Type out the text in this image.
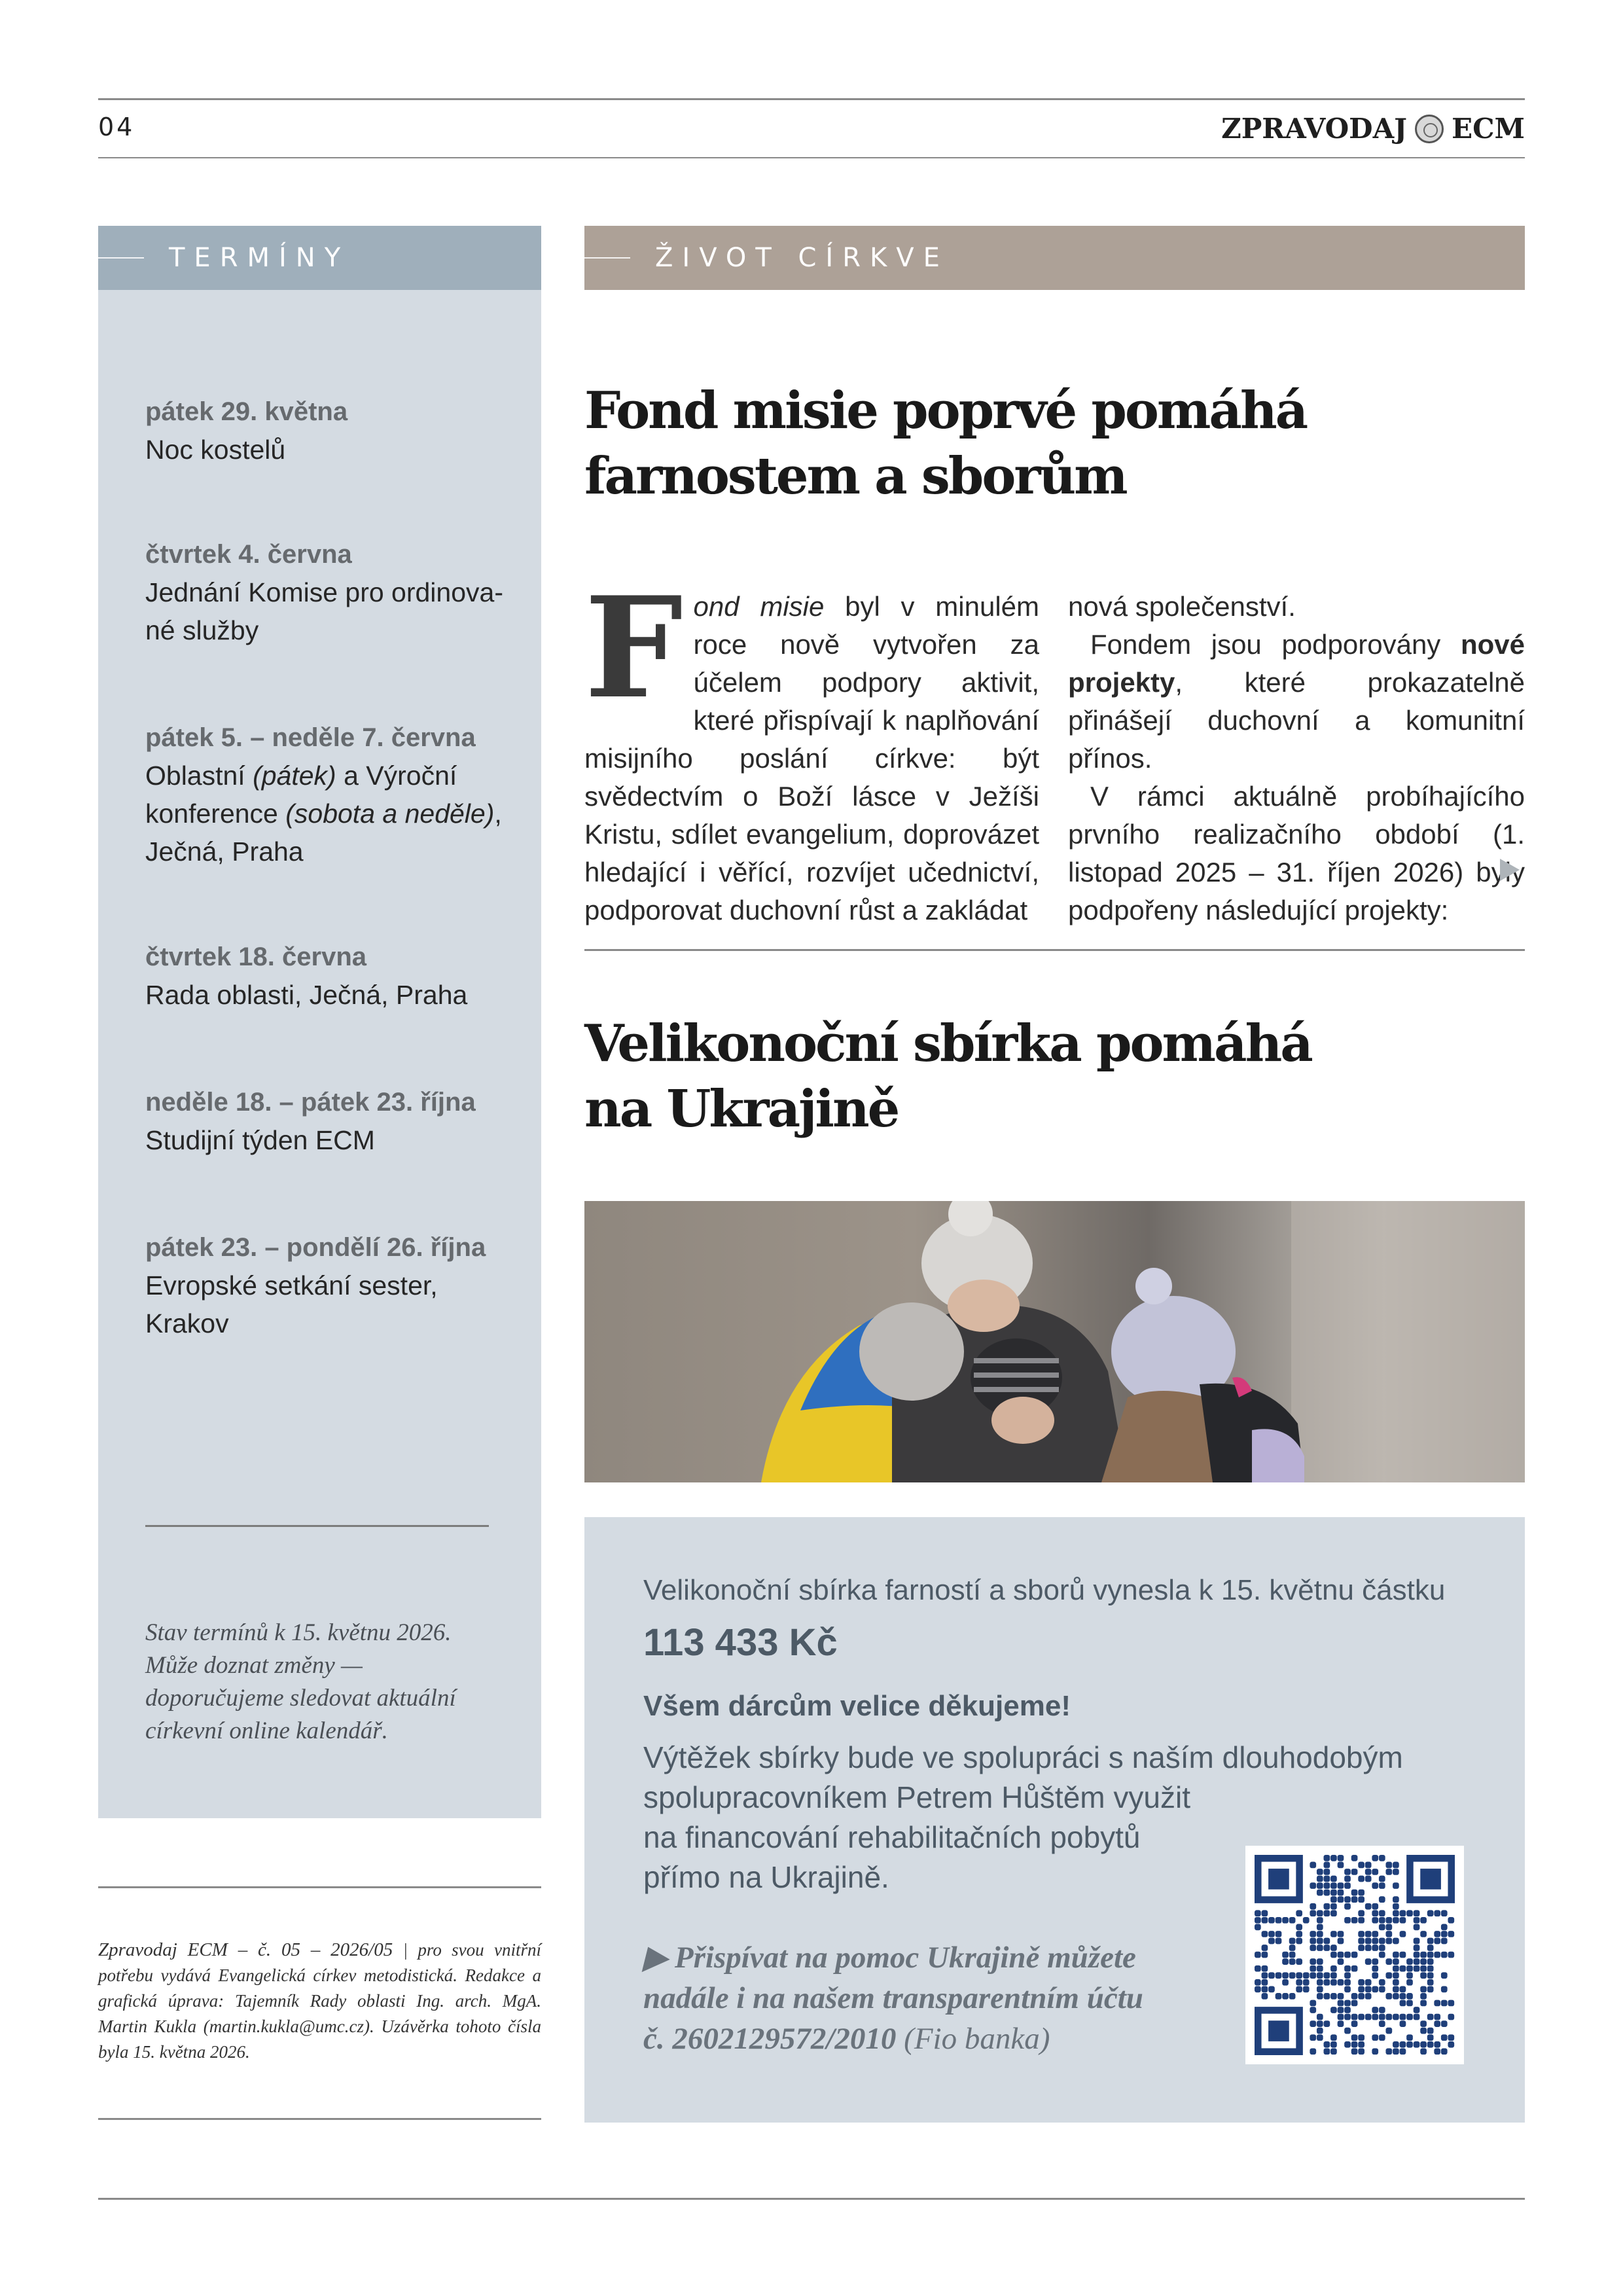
04	ZPRAVODAJ ECM
TERMÍNY	ŽIVOT CÍRKVE
pátek 29. května
Noc kostelů
čtvrtek 4. června
Jednání Komise pro ordinova-
né služby
pátek 5. – neděle 7. června
Oblastní (pátek) a Výroční
konference (sobota a neděle),
Ječná, Praha
čtvrtek 18. června
Rada oblasti, Ječná, Praha
neděle 18. – pátek 23. října
Studijní týden ECM
pátek 23. – pondělí 26. října
Evropské setkání sester,
Krakov
Stav termínů k 15. květnu 2026. Může doznat změny — doporučujeme sledovat aktuální církevní online kalendář.
Zpravodaj ECM – č. 05 – 2026/05 | pro svou vnitřní potřebu vydává Evangelická církev metodistická. Redakce a grafická úprava: Tajemník Rady oblasti Ing. arch. MgA. Martin Kukla (martin.kukla@umc.cz). Uzávěrka tohoto čísla byla 15. května 2026.
Fond misie poprvé pomáhá
farnostem a sborům

Fond misie byl v minulém roce nově vytvořen za účelem podpory aktivit, které přispívají k naplňování misijního poslání církve: být svědectvím o Boží lásce v Ježíši Kristu, sdílet evangelium, doprovázet hledající i věřící, rozvíjet učednictví, podporovat duchovní růst a zakládat

nová společenství.

Fondem jsou podporovány nové projekty, které prokazatelně přinášejí duchovní a komunitní přínos.

V rámci aktuálně probíhajícího prvního realizačního období (1. listopad 2025 – 31. říjen 2026) byly podpořeny následující projekty:

Velikonoční sbírka pomáhá
na Ukrajině
Velikonoční sbírka farností a sborů vynesla k 15. květnu částku
113 433 Kč
Všem dárcům velice děkujeme!
Výtěžek sbírky bude ve spolupráci s naším dlouhodobým
spolupracovníkem Petrem Hůštěm využit
na financování rehabilitačních pobytů
přímo na Ukrajině.
▶ Přispívat na pomoc Ukrajině můžete
nadále i na našem transparentním účtu
č. 2602129572/2010 (Fio banka)
